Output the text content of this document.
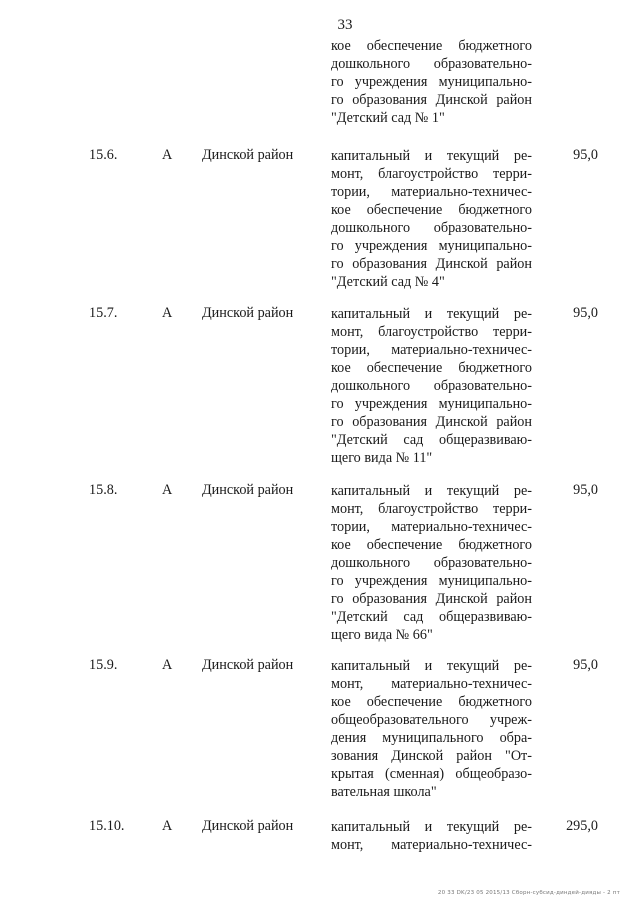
33
кое обеспечение бюджетного
дошкольного образовательно-
го учреждения муниципально-
го образования Динской район
"Детский сад № 1"
15.6.	А Динской район	капитальный и текущий ре-
монт, благоустройство терри-
тории, материально-техничес-
кое обеспечение бюджетного
дошкольного образовательно-
го учреждения муниципально-
го образования Динской район
"Детский сад № 4"
95,0
15.7.	А Динской район	капитальный и текущий ре-
монт, благоустройство терри-
тории, материально-техничес-
кое обеспечение бюджетного
дошкольного образовательно-
го учреждения муниципально-
го образования Динской район
"Детский сад общеразвиваю-
щего вида № 11"
95,0
15.8.	А Динской район	капитальный и текущий ре-
монт, благоустройство терри-
тории, материально-техничес-
кое обеспечение бюджетного
дошкольного образовательно-
го учреждения муниципально-
го образования Динской район
"Детский сад общеразвиваю-
щего вида № 66"
95,0
15.9.	А Динской район	капитальный и текущий ре-
монт, материально-техничес-
кое обеспечение бюджетного
общеобразовательного учреж-
дения муниципального обра-
зования Динской район "От-
крытая (сменная) общеобразо-
вательная школа"
95,0
15.10.	А Динской район	капитальный и текущий ре-
монт, материально-техничес-
295,0
20 33 DK/23 05 2015/13 Сборн-субсид-диндей-дияды - 2 пт
